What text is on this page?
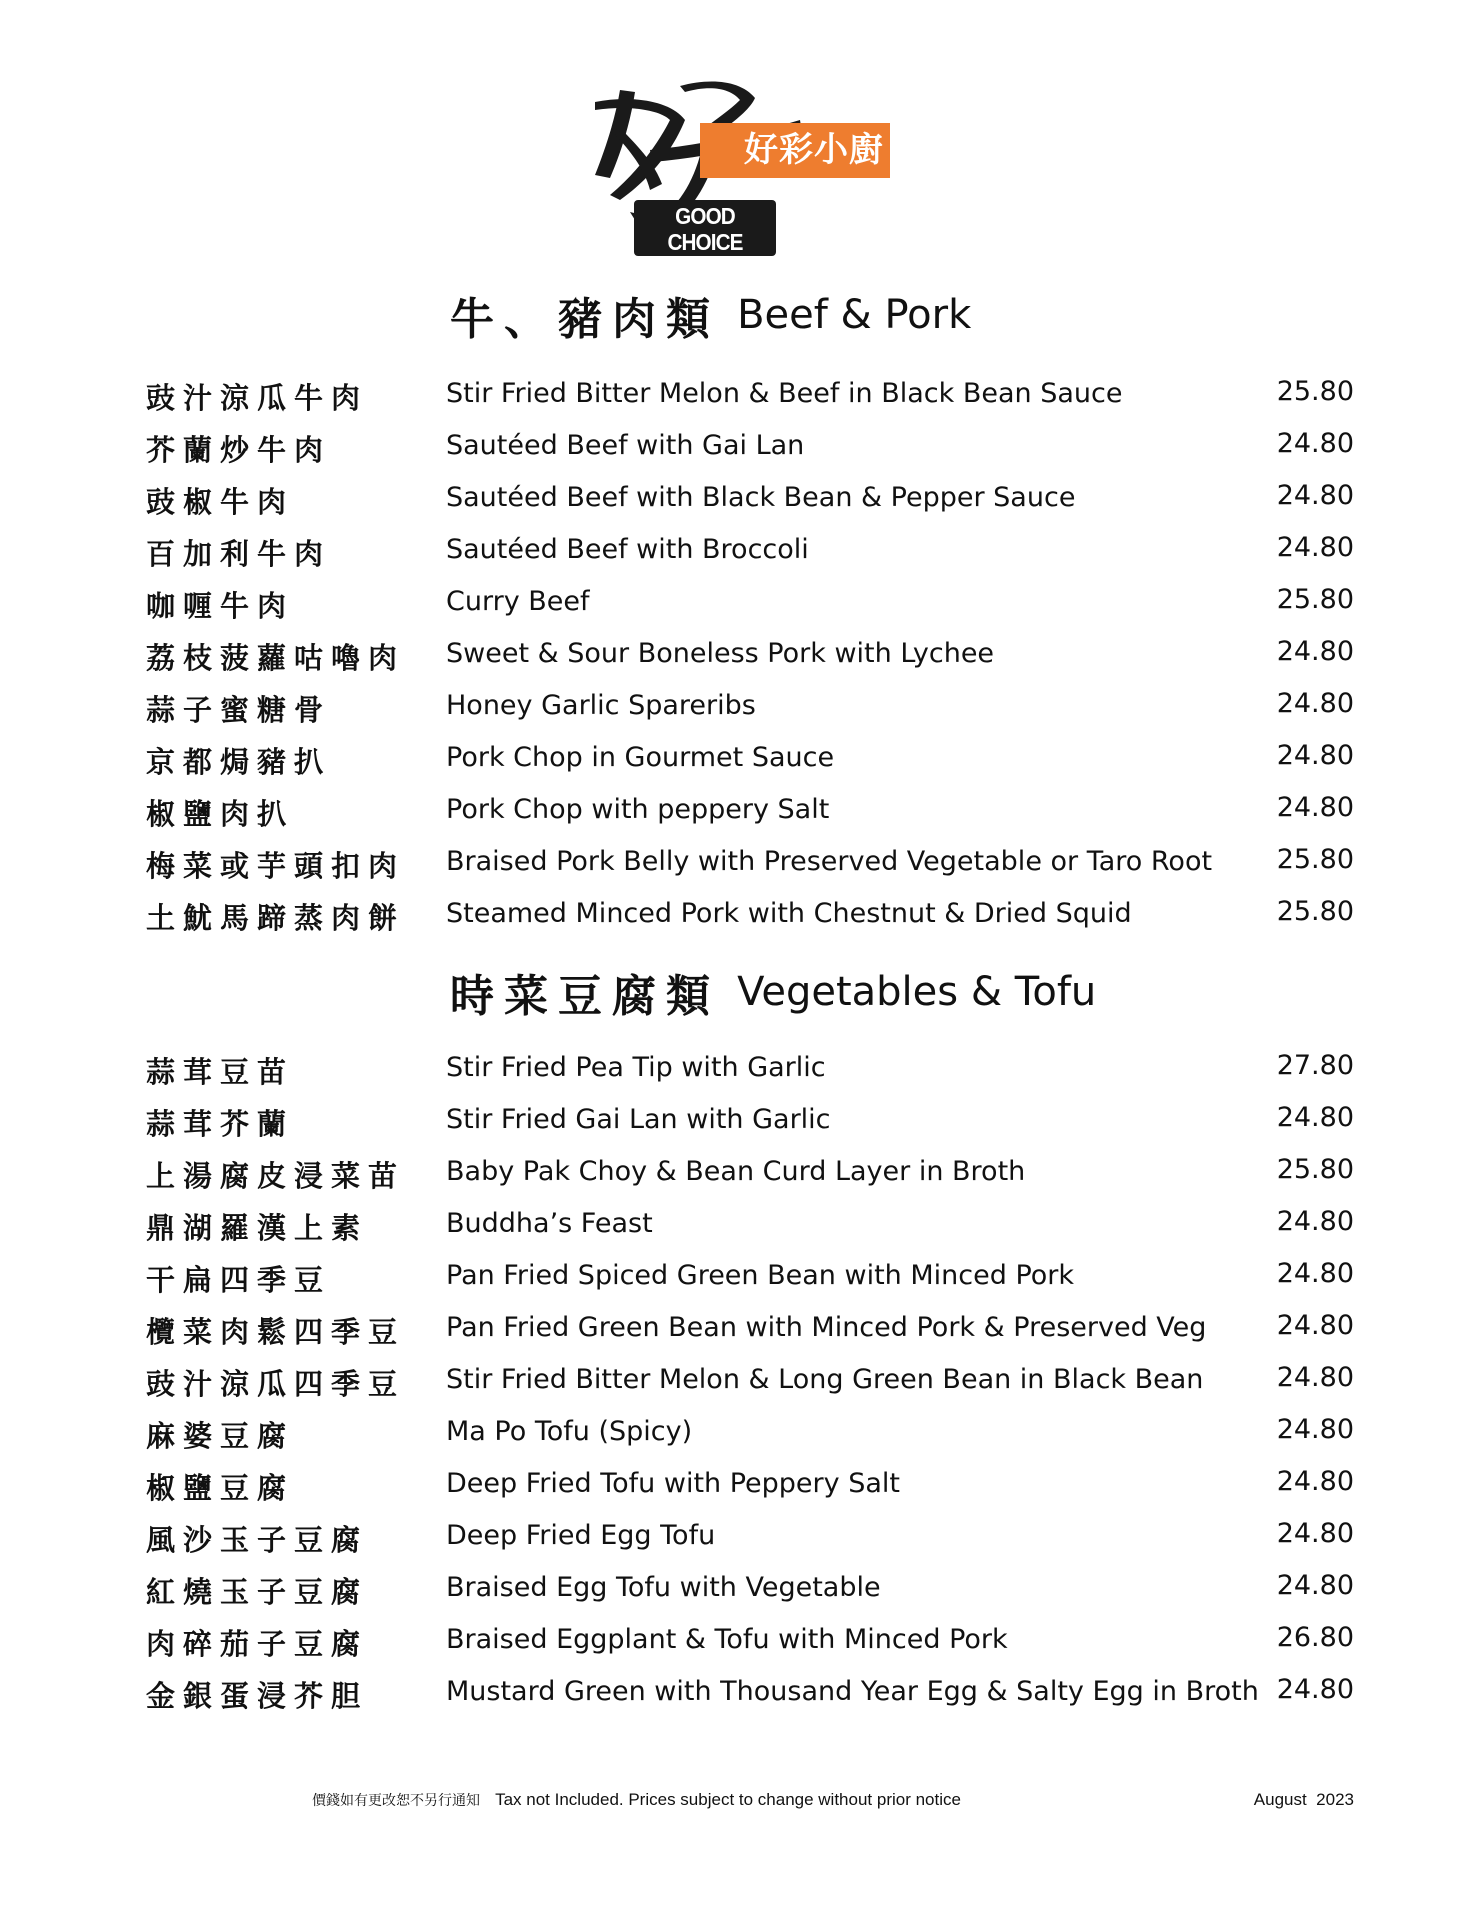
好彩小廚
GOOD CHOICE
RESTAURANT
牛、豬肉類 Beef & Pork
豉汁涼瓜牛肉	Stir Fried Bitter Melon & Beef in Black Bean Sauce	25.80
芥蘭炒牛肉	Sautéed Beef with Gai Lan	24.80
豉椒牛肉	Sautéed Beef with Black Bean & Pepper Sauce	24.80
百加利牛肉	Sautéed Beef with Broccoli	24.80
咖喱牛肉	Curry Beef	25.80
荔枝菠蘿咕嚕肉 Sweet & Sour Boneless Pork with Lychee	24.80
蒜子蜜糖骨	Honey Garlic Spareribs	24.80
京都焗豬扒	Pork Chop in Gourmet Sauce	24.80
椒鹽肉扒	Pork Chop with peppery Salt	24.80
梅菜或芋頭扣肉 Braised Pork Belly with Preserved Vegetable or Taro Root 25.80
土魷馬蹄蒸肉餅 Steamed Minced Pork with Chestnut & Dried Squid	25.80
時菜豆腐類 Vegetables & Tofu
蒜茸豆苗	Stir Fried Pea Tip with Garlic	27.80
蒜茸芥蘭	Stir Fried Gai Lan with Garlic	24.80
上湯腐皮浸菜苗 Baby Pak Choy & Bean Curd Layer in Broth	25.80
鼎湖羅漢上素	Buddha’s Feast	24.80
干扁四季豆	Pan Fried Spiced Green Bean with Minced Pork	24.80
欖菜肉鬆四季豆 Pan Fried Green Bean with Minced Pork & Preserved Veg	24.80
豉汁涼瓜四季豆 Stir Fried Bitter Melon & Long Green Bean in Black Bean	24.80
麻婆豆腐	Ma Po Tofu (Spicy)	24.80
椒鹽豆腐	Deep Fried Tofu with Peppery Salt	24.80
風沙玉子豆腐	Deep Fried Egg Tofu	24.80
紅燒玉子豆腐	Braised Egg Tofu with Vegetable	24.80
肉碎茄子豆腐	Braised Eggplant & Tofu with Minced Pork	26.80
金銀蛋浸芥胆	Mustard Green with Thousand Year Egg & Salty Egg in Broth 24.80
價錢如有更改恕不另行通知 Tax not Included. Prices subject to change without prior notice	August  2023
